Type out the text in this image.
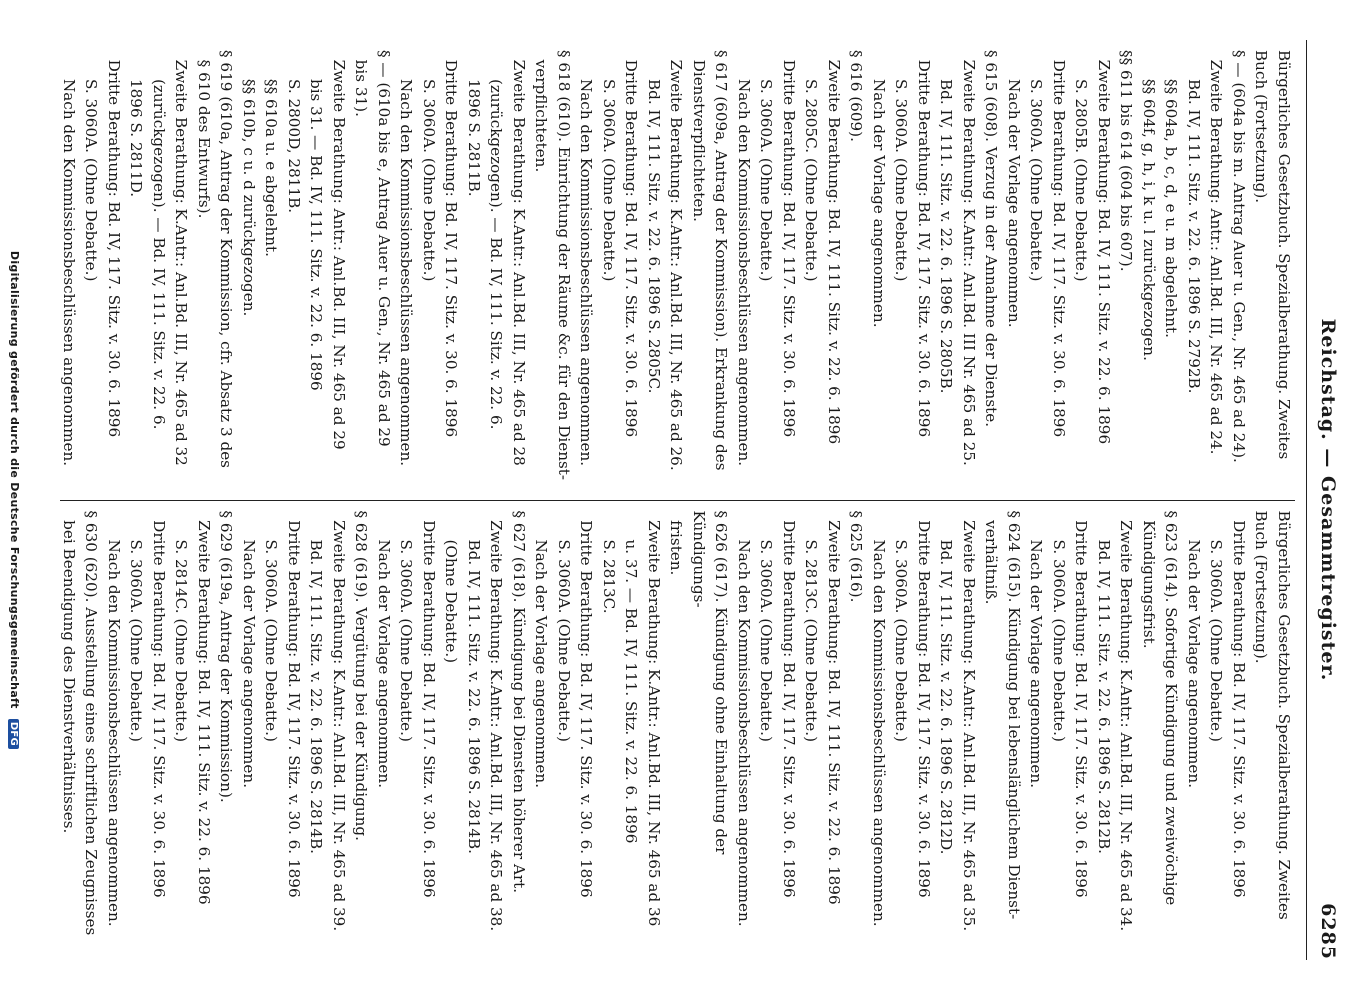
Reichstag. — Gesammtregister.
6285
Bürgerliches Gesetzbuch. Spezialberathung. Zweites
Buch (Fortsetzung).
§ — (604a bis m. Antrag Auer u. Gen., Nr. 465 ad 24).
Zweite Berathung: Antr.: Anl.Bd. III, Nr. 465 ad 24.
Bd. IV, 111. Sitz. v. 22. 6. 1896 S. 2792B.
§§ 604a, b, c, d, e u. m abgelehnt.
§§ 604f, g, h, i, k u. l zurückgezogen.
§§ 611 bis 614 (604 bis 607).
Zweite Berathung: Bd. IV, 111. Sitz. v. 22. 6. 1896
S. 2805B. (Ohne Debatte.)
Dritte Berathung: Bd. IV, 117. Sitz. v. 30. 6. 1896
S. 3060A. (Ohne Debatte.)
Nach der Vorlage angenommen.
§ 615 (608). Verzug in der Annahme der Dienste.
Zweite Berathung: K.Antr.: Anl.Bd. III Nr. 465 ad 25.
Bd. IV, 111. Sitz. v. 22. 6. 1896 S. 2805B.
Dritte Berathung: Bd. IV, 117. Sitz. v. 30. 6. 1896
S. 3060A. (Ohne Debatte.)
Nach der Vorlage angenommen.
§ 616 (609).
Zweite Berathung: Bd. IV, 111. Sitz. v. 22. 6. 1896
S. 2805C. (Ohne Debatte.)
Dritte Berathung: Bd. IV, 117. Sitz. v. 30. 6. 1896
S. 3060A. (Ohne Debatte.)
Nach den Kommissionsbeschlüssen angenommen.
§ 617 (609a, Antrag der Kommission). Erkrankung des
Dienstverpflichteten.
Zweite Berathung: K.Antr.: Anl.Bd. III, Nr. 465 ad 26.
Bd. IV, 111. Sitz. v. 22. 6. 1896 S. 2805C.
Dritte Berathung: Bd. IV, 117. Sitz. v. 30. 6. 1896
S. 3060A. (Ohne Debatte.)
Nach den Kommissionsbeschlüssen angenommen.
§ 618 (610). Einrichtung der Räume &c. für den Dienst-
verpflichteten.
Zweite Berathung: K.Antr.: Anl.Bd. III, Nr. 465 ad 28
(zurückgezogen). — Bd. IV, 111. Sitz. v. 22. 6.
1896 S. 2811B.
Dritte Berathung: Bd. IV, 117. Sitz. v. 30. 6. 1896
S. 3060A. (Ohne Debatte.)
Nach den Kommissionsbeschlüssen angenommen.
§ — (610a bis e, Antrag Auer u. Gen., Nr. 465 ad 29
bis 31).
Zweite Berathung: Antr.: Anl.Bd. III, Nr. 465 ad 29
bis 31. — Bd. IV, 111. Sitz. v. 22. 6. 1896
S. 2800D, 2811B.
§§ 610a u. e abgelehnt.
§§ 610b, c u. d zurückgezogen.
§ 619 (610a, Antrag der Kommission, cfr. Absatz 3 des
§ 610 des Entwurfs).
Zweite Berathung: K.Antr.: Anl.Bd. III, Nr. 465 ad 32
(zurückgezogen). — Bd. IV, 111. Sitz. v. 22. 6.
1896 S. 2811D.
Dritte Berathung: Bd. IV, 117. Sitz. v. 30. 6. 1896
S. 3060A. (Ohne Debatte.)
Nach den Kommissionsbeschlüssen angenommen.
Bürgerliches Gesetzbuch. Spezialberathung. Zweites
Buch (Fortsetzung).
Dritte Berathung: Bd. IV, 117. Sitz. v. 30. 6. 1896
S. 3060A. (Ohne Debatte.)
Nach der Vorlage angenommen.
§ 623 (614). Sofortige Kündigung und zweiwöchige
Kündigungsfrist.
Zweite Berathung: K.Antr.: Anl.Bd. III, Nr. 465 ad 34.
Bd. IV, 111. Sitz. v. 22. 6. 1896 S. 2812B.
Dritte Berathung: Bd. IV, 117. Sitz. v. 30. 6. 1896
S. 3060A. (Ohne Debatte.)
Nach der Vorlage angenommen.
§ 624 (615). Kündigung bei lebenslänglichem Dienst-
verhältniß.
Zweite Berathung: K.Antr.: Anl.Bd. III, Nr. 465 ad 35.
Bd. IV, 111. Sitz. v. 22. 6. 1896 S. 2812D.
Dritte Berathung: Bd. IV, 117. Sitz. v. 30. 6. 1896
S. 3060A. (Ohne Debatte.)
Nach den Kommissionsbeschlüssen angenommen.
§ 625 (616).
Zweite Berathung: Bd. IV, 111. Sitz. v. 22. 6. 1896
S. 2813C. (Ohne Debatte.)
Dritte Berathung: Bd. IV, 117. Sitz. v. 30. 6. 1896
S. 3060A. (Ohne Debatte.)
Nach den Kommissionsbeschlüssen angenommen.
§ 626 (617). Kündigung ohne Einhaltung der Kündigungs-
fristen.
Zweite Berathung: K.Antr.: Anl.Bd. III, Nr. 465 ad 36
u. 37. — Bd. IV, 111. Sitz. v. 22. 6. 1896
S. 2813C.
Dritte Berathung: Bd. IV, 117. Sitz. v. 30. 6. 1896
S. 3060A. (Ohne Debatte.)
Nach der Vorlage angenommen.
§ 627 (618). Kündigung bei Diensten höherer Art.
Zweite Berathung: K.Antr.: Anl.Bd. III, Nr. 465 ad 38.
Bd. IV, 111. Sitz. v. 22. 6. 1896 S. 2814B.
(Ohne Debatte.)
Dritte Berathung: Bd. IV, 117. Sitz. v. 30. 6. 1896
S. 3060A. (Ohne Debatte.)
Nach der Vorlage angenommen.
§ 628 (619). Vergütung bei der Kündigung.
Zweite Berathung: K.Antr.: Anl.Bd. III, Nr. 465 ad 39.
Bd. IV, 111. Sitz. v. 22. 6. 1896 S. 2814B.
Dritte Berathung: Bd. IV, 117. Sitz. v. 30. 6. 1896
S. 3060A. (Ohne Debatte.)
Nach der Vorlage angenommen.
§ 629 (619a, Antrag der Kommission).
Zweite Berathung: Bd. IV, 111. Sitz. v. 22. 6. 1896
S. 2814C. (Ohne Debatte.)
Dritte Berathung: Bd. IV, 117. Sitz. v. 30. 6. 1896
S. 3060A. (Ohne Debatte.)
Nach den Kommissionsbeschlüssen angenommen.
§ 630 (620). Ausstellung eines schriftlichen Zeugnisses
bei Beendigung des Dienstverhältnisses.

Digitalisierung gefördert durch die Deutsche Forschungsgemeinschaft DFG
